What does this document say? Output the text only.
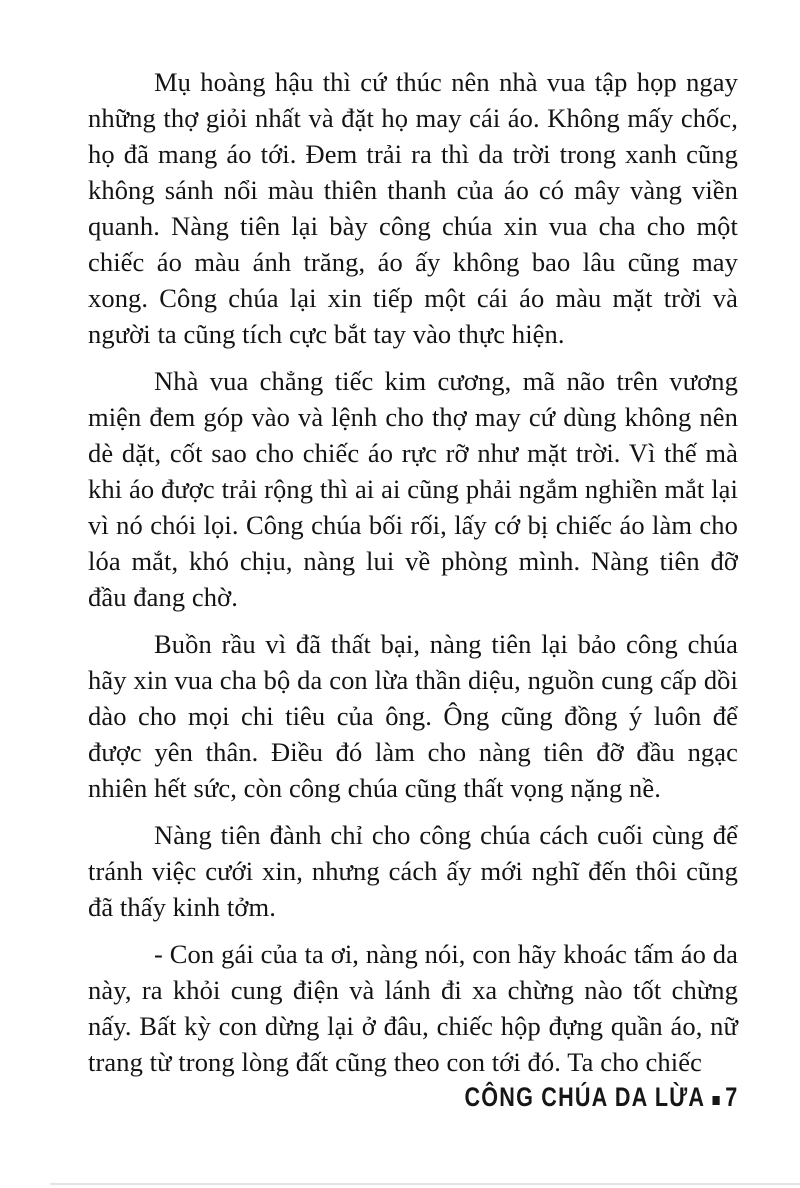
Mụ hoàng hậu thì cứ thúc nên nhà vua tập họp ngay những thợ giỏi nhất và đặt họ may cái áo. Không mấy chốc, họ đã mang áo tới. Đem trải ra thì da trời trong xanh cũng không sánh nổi màu thiên thanh của áo có mây vàng viền quanh. Nàng tiên lại bày công chúa xin vua cha cho một chiếc áo màu ánh trăng, áo ấy không bao lâu cũng may xong. Công chúa lại xin tiếp một cái áo màu mặt trời và người ta cũng tích cực bắt tay vào thực hiện.

Nhà vua chẳng tiếc kim cương, mã não trên vương miện đem góp vào và lệnh cho thợ may cứ dùng không nên dè dặt, cốt sao cho chiếc áo rực rỡ như mặt trời. Vì thế mà khi áo được trải rộng thì ai ai cũng phải ngắm nghiền mắt lại vì nó chói lọi. Công chúa bối rối, lấy cớ bị chiếc áo làm cho lóa mắt, khó chịu, nàng lui về phòng mình. Nàng tiên đỡ đầu đang chờ.

Buồn rầu vì đã thất bại, nàng tiên lại bảo công chúa hãy xin vua cha bộ da con lừa thần diệu, nguồn cung cấp dồi dào cho mọi chi tiêu của ông. Ông cũng đồng ý luôn để được yên thân. Điều đó làm cho nàng tiên đỡ đầu ngạc nhiên hết sức, còn công chúa cũng thất vọng nặng nề.

Nàng tiên đành chỉ cho công chúa cách cuối cùng để tránh việc cưới xin, nhưng cách ấy mới nghĩ đến thôi cũng đã thấy kinh tởm.

- Con gái của ta ơi, nàng nói, con hãy khoác tấm áo da này, ra khỏi cung điện và lánh đi xa chừng nào tốt chừng nấy. Bất kỳ con dừng lại ở đâu, chiếc hộp đựng quần áo, nữ trang từ trong lòng đất cũng theo con tới đó. Ta cho chiếc

CÔNG CHÚA DA LỪA 7
